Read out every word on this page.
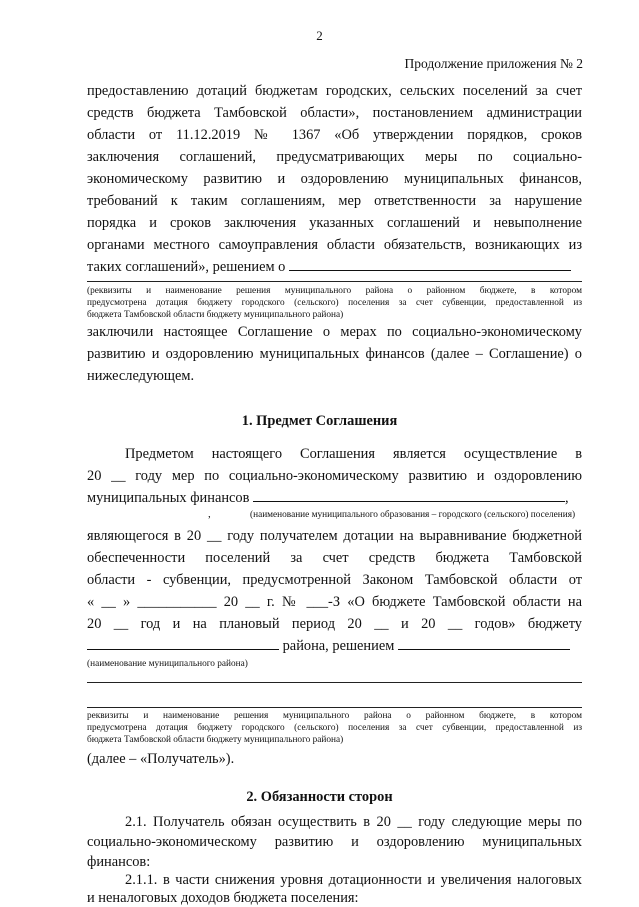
2
Продолжение приложения № 2
предоставлению дотаций бюджетам городских, сельских поселений за счет
средств бюджета Тамбовской области», постановлением администрации
области от 11.12.2019 № 1367 «Об утверждении порядков, сроков
заключения соглашений, предусматривающих меры по социально-
экономическому развитию и оздоровлению муниципальных финансов,
требований к таким соглашениям, мер ответственности за нарушение
порядка и сроков заключения указанных соглашений и невыполнение
органами местного самоуправления области обязательств, возникающих из
таких соглашений», решением о
(реквизиты и наименование решения муниципального района о районном бюджете, в котором
предусмотрена дотация бюджету городского (сельского) поселения за счет субвенции, предоставленной из
бюджета Тамбовской области бюджету муниципального района)
заключили настоящее Соглашение о мерах по социально-экономическому
развитию и оздоровлению муниципальных финансов (далее – Соглашение) о
нижеследующем.
1. Предмет Соглашения
Предметом настоящего Соглашения является осуществление в
20 __ году мер по социально-экономическому развитию и оздоровлению
муниципальных финансов	,
,	(наименование муниципального образования – городского (сельского) поселения)
являющегося в 20 __ году получателем дотации на выравнивание бюджетной
обеспеченности поселений за счет средств бюджета Тамбовской
области - субвенции, предусмотренной Законом Тамбовской области от
« __ » ___________ 20 __ г. № ___-З «О бюджете Тамбовской области на
20 __ год и на плановый период 20 __ и 20 __ годов» бюджету
района, решением
(наименование муниципального района)
реквизиты и наименование решения муниципального района о районном бюджете, в котором
предусмотрена дотация бюджету городского (сельского) поселения за счет субвенции, предоставленной из
бюджета Тамбовской области бюджету муниципального района)
(далее – «Получатель»).
2. Обязанности сторон
2.1. Получатель обязан осуществить в 20 __ году следующие меры по
социально-экономическому развитию и оздоровлению муниципальных
финансов:
2.1.1. в части снижения уровня дотационности и увеличения налоговых
и неналоговых доходов бюджета поселения:
